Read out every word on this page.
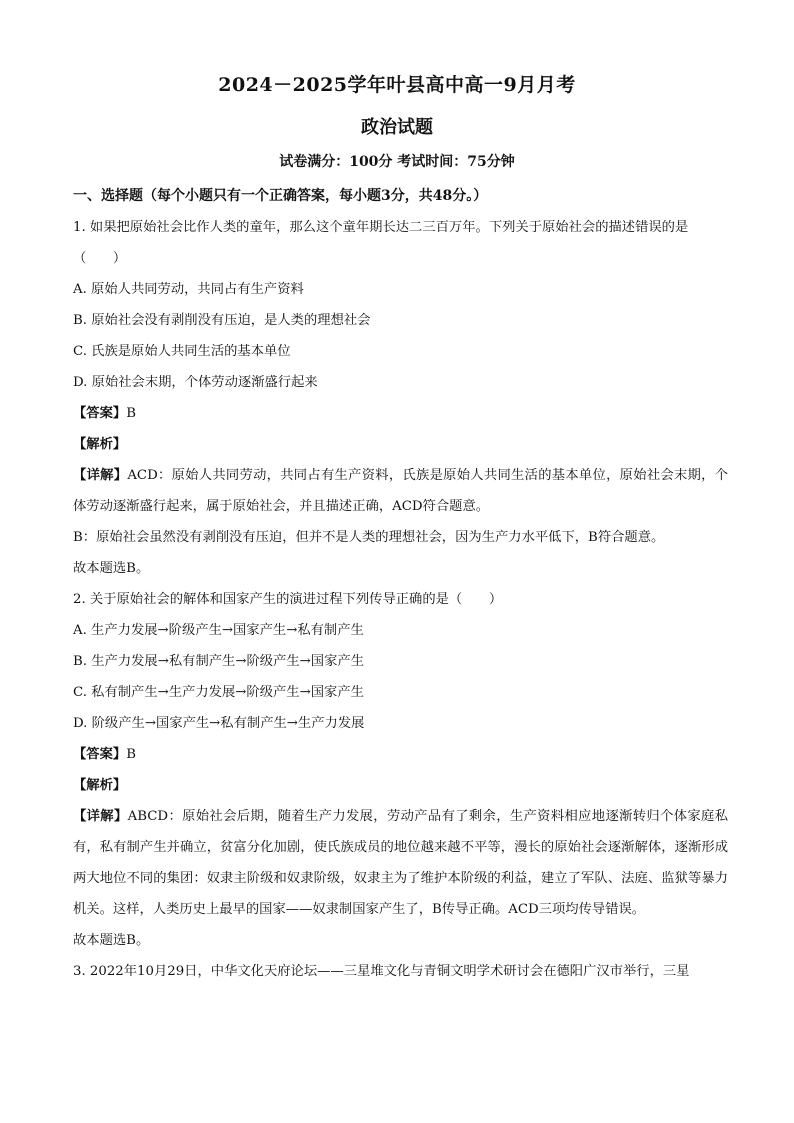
2024－2025学年叶县高中高一9月月考
政治试题
试卷满分：100分 考试时间：75分钟
一、选择题（每个小题只有一个正确答案，每小题3分，共48分。）
1. 如果把原始社会比作人类的童年，那么这个童年期长达二三百万年。下列关于原始社会的描述错误的是
（　　）
A. 原始人共同劳动，共同占有生产资料
B. 原始社会没有剥削没有压迫，是人类的理想社会
C. 氏族是原始人共同生活的基本单位
D. 原始社会末期，个体劳动逐渐盛行起来
【答案】B
【解析】
【详解】ACD：原始人共同劳动，共同占有生产资料，氏族是原始人共同生活的基本单位，原始社会末期，个体劳动逐渐盛行起来，属于原始社会，并且描述正确，ACD符合题意。
B：原始社会虽然没有剥削没有压迫，但并不是人类的理想社会，因为生产力水平低下，B符合题意。
故本题选B。
2. 关于原始社会的解体和国家产生的演进过程下列传导正确的是（　　）
A. 生产力发展→阶级产生→国家产生→私有制产生
B. 生产力发展→私有制产生→阶级产生→国家产生
C. 私有制产生→生产力发展→阶级产生→国家产生
D. 阶级产生→国家产生→私有制产生→生产力发展
【答案】B
【解析】
【详解】ABCD：原始社会后期，随着生产力发展，劳动产品有了剩余，生产资料相应地逐渐转归个体家庭私有，私有制产生并确立，贫富分化加剧，使氏族成员的地位越来越不平等，漫长的原始社会逐渐解体，逐渐形成两大地位不同的集团：奴隶主阶级和奴隶阶级，奴隶主为了维护本阶级的利益，建立了军队、法庭、监狱等暴力机关。这样，人类历史上最早的国家——奴隶制国家产生了，B传导正确。ACD三项均传导错误。
故本题选B。
3. 2022年10月29日，中华文化天府论坛——三星堆文化与青铜文明学术研讨会在德阳广汉市举行，三星
